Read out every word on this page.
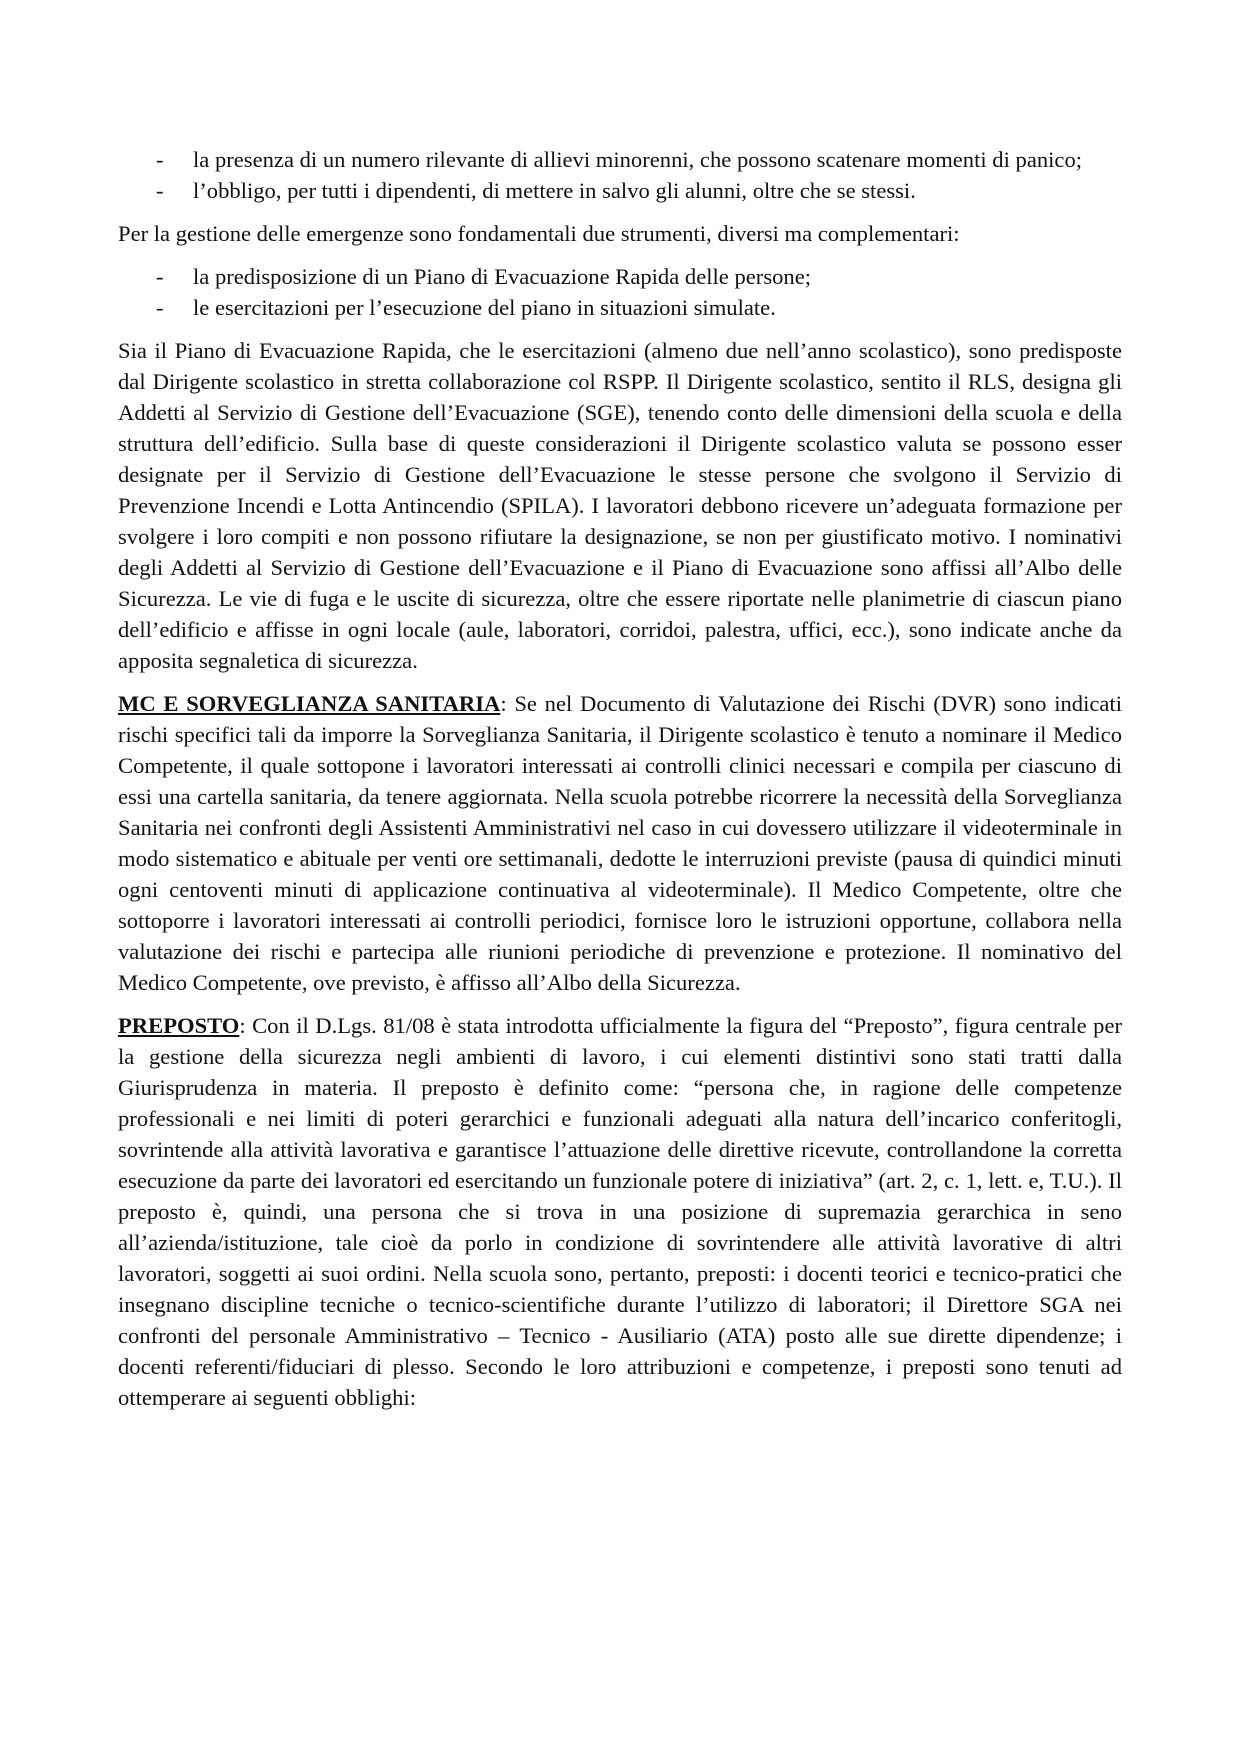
- la presenza di un numero rilevante di allievi minorenni, che possono scatenare momenti di panico;
- l’obbligo, per tutti i dipendenti, di mettere in salvo gli alunni, oltre che se stessi.

Per la gestione delle emergenze sono fondamentali due strumenti, diversi ma complementari:

- la predisposizione di un Piano di Evacuazione Rapida delle persone;
- le esercitazioni per l’esecuzione del piano in situazioni simulate.

Sia il Piano di Evacuazione Rapida, che le esercitazioni (almeno due nell’anno scolastico), sono predisposte dal Dirigente scolastico in stretta collaborazione col RSPP. Il Dirigente scolastico, sentito il RLS, designa gli Addetti al Servizio di Gestione dell’Evacuazione (SGE), tenendo conto delle dimensioni della scuola e della struttura dell’edificio. Sulla base di queste considerazioni il Dirigente scolastico valuta se possono esser designate per il Servizio di Gestione dell’Evacuazione le stesse persone che svolgono il Servizio di Prevenzione Incendi e Lotta Antincendio (SPILA). I lavoratori debbono ricevere un’adeguata formazione per svolgere i loro compiti e non possono rifiutare la designazione, se non per giustificato motivo. I nominativi degli Addetti al Servizio di Gestione dell’Evacuazione e il Piano di Evacuazione sono affissi all’Albo delle Sicurezza. Le vie di fuga e le uscite di sicurezza, oltre che essere riportate nelle planimetrie di ciascun piano dell’edificio e affisse in ogni locale (aule, laboratori, corridoi, palestra, uffici, ecc.), sono indicate anche da apposita segnaletica di sicurezza.

MC E SORVEGLIANZA SANITARIA: Se nel Documento di Valutazione dei Rischi (DVR) sono indicati rischi specifici tali da imporre la Sorveglianza Sanitaria, il Dirigente scolastico è tenuto a nominare il Medico Competente, il quale sottopone i lavoratori interessati ai controlli clinici necessari e compila per ciascuno di essi una cartella sanitaria, da tenere aggiornata. Nella scuola potrebbe ricorrere la necessità della Sorveglianza Sanitaria nei confronti degli Assistenti Amministrativi nel caso in cui dovessero utilizzare il videoterminale in modo sistematico e abituale per venti ore settimanali, dedotte le interruzioni previste (pausa di quindici minuti ogni centoventi minuti di applicazione continuativa al videoterminale). Il Medico Competente, oltre che sottoporre i lavoratori interessati ai controlli periodici, fornisce loro le istruzioni opportune, collabora nella valutazione dei rischi e partecipa alle riunioni periodiche di prevenzione e protezione. Il nominativo del Medico Competente, ove previsto, è affisso all’Albo della Sicurezza.

PREPOSTO: Con il D.Lgs. 81/08 è stata introdotta ufficialmente la figura del “Preposto”, figura centrale per la gestione della sicurezza negli ambienti di lavoro, i cui elementi distintivi sono stati tratti dalla Giurisprudenza in materia. Il preposto è definito come: “persona che, in ragione delle competenze professionali e nei limiti di poteri gerarchici e funzionali adeguati alla natura dell’incarico conferitogli, sovrintende alla attività lavorativa e garantisce l’attuazione delle direttive ricevute, controllandone la corretta esecuzione da parte dei lavoratori ed esercitando un funzionale potere di iniziativa” (art. 2, c. 1, lett. e, T.U.). Il preposto è, quindi, una persona che si trova in una posizione di supremazia gerarchica in seno all’azienda/istituzione, tale cioè da porlo in condizione di sovrintendere alle attività lavorative di altri lavoratori, soggetti ai suoi ordini. Nella scuola sono, pertanto, preposti: i docenti teorici e tecnico-pratici che insegnano discipline tecniche o tecnico-scientifiche durante l’utilizzo di laboratori; il Direttore SGA nei confronti del personale Amministrativo – Tecnico - Ausiliario (ATA) posto alle sue dirette dipendenze; i docenti referenti/fiduciari di plesso. Secondo le loro attribuzioni e competenze, i preposti sono tenuti ad ottemperare ai seguenti obblighi:
